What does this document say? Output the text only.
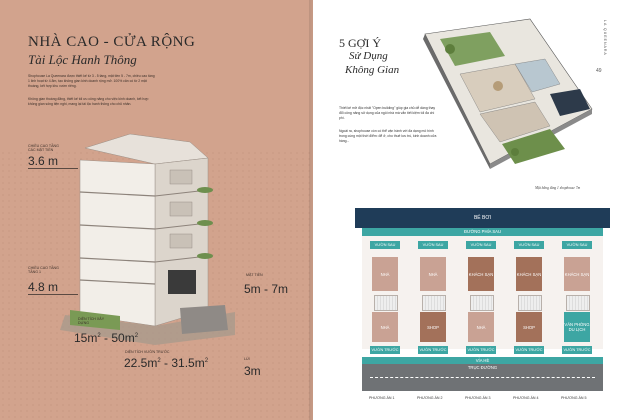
NHÀ CAO - CỬA RỘNG
Tài Lộc Hanh Thông
Shophouse La Queenara được thiết kế từ 3 - 5 tầng, mặt tiền 5 - 7m, chiều cao tầng 1 linh hoạt từ 4.8m, tạo không gian kinh doanh rộng mở. 100% căn có từ 2 mặt thoáng, kết hợp khu vườn riêng.
Không gian thoáng đãng, thiết kế tối ưu công năng cho việc kinh doanh, kết hợp không gian sống tiện nghi, mang lại tài lộc hanh thông cho chủ nhân.
CHIỀU CAO TẦNG CÁC MẶT TIỀN
3.6 m
CHIỀU CAO TẦNG TẦNG 1
4.8 m
MẶT TIỀN
5m - 7m
DIỆN TÍCH XÂY DỰNG
$15m^2 - 50m^2$
DIỆN TÍCH VƯỜN TRƯỚC
$22.5m^2 - 31.5m^2$	LÙI
3m
5 GỢI Ý
Sử Dụng
Không Gian	49
LA QUEENARA
Thiết kế mở độc nhất "Open building" giúp gia chủ dễ dàng thay đổi công năng sử dụng của ngôi nhà mà vẫn tiết kiệm tối đa chi phí.
Ngoài ra, shophouse còn có thể vận hành với đa dạng mô hình trong cùng một thời điểm: để ở, cho thuê lưu trú, kinh doanh cửa hàng...
Mặt bằng tầng 1 shophouse 7m
BỂ BƠI
ĐƯỜNG PHÍA SAU
VỈA HÈ
TRỤC ĐƯỜNG
VƯỜN SAU
NHÀ
NHÀ
VƯỜN TRƯỚC
PHƯƠNG ÁN 1
VƯỜN SAU
NHÀ
SHOP
VƯỜN TRƯỚC
PHƯƠNG ÁN 2
VƯỜN SAU
KHÁCH SẠN
NHÀ
VƯỜN TRƯỚC
PHƯƠNG ÁN 3
VƯỜN SAU
KHÁCH SẠN
SHOP
VƯỜN TRƯỚC
PHƯƠNG ÁN 4
VƯỜN SAU
KHÁCH SẠN
VĂN PHÒNG DU LỊCH
VƯỜN TRƯỚC
PHƯƠNG ÁN 5
